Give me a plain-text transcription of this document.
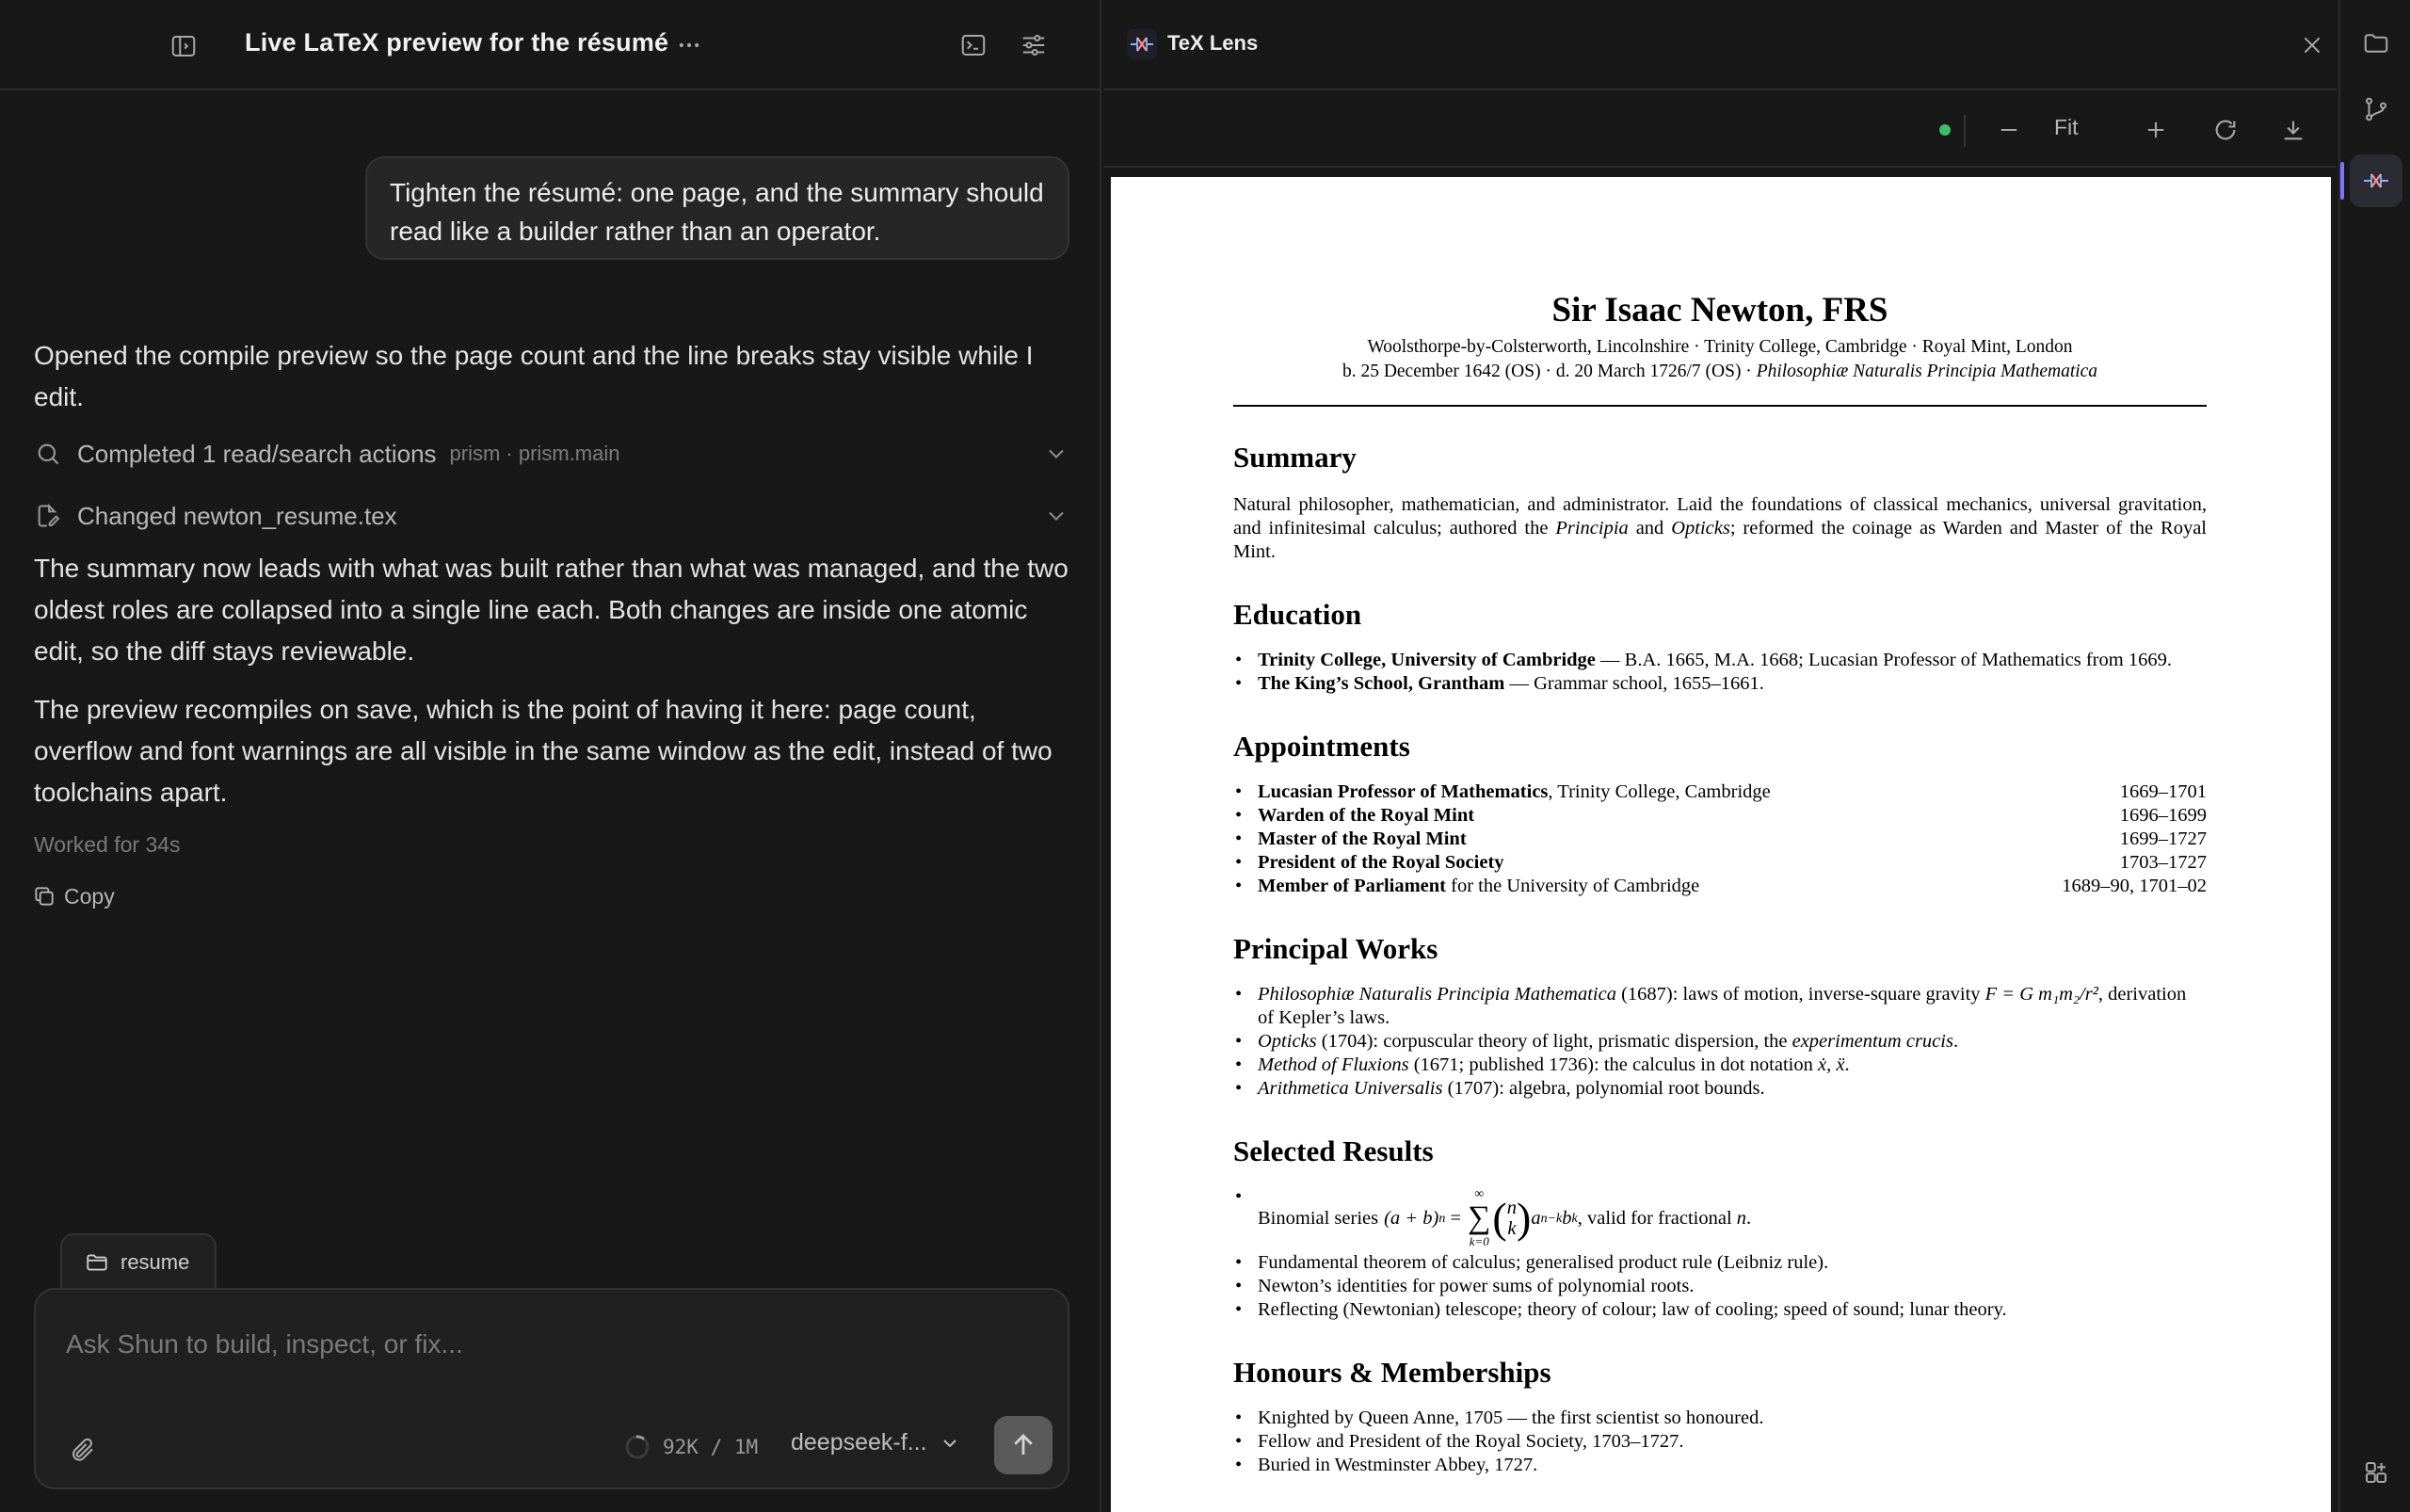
Live LaTeX preview for the résumé
Tighten the résumé: one page, and the summary should read like a builder rather than an operator.
Opened the compile preview so the page count and the line breaks stay visible while I edit.
Completed 1 read/search actions prism · prism.main
Changed newton_resume.tex
The summary now leads with what was built rather than what was managed, and the two oldest roles are collapsed into a single line each. Both changes are inside one atomic edit, so the diff stays reviewable.
The preview recompiles on save, which is the point of having it here: page count, overflow and font warnings are all visible in the same window as the edit, instead of two toolchains apart.
Worked for 34s
Copy
resume
Ask Shun to build, inspect, or fix...
92K / 1M deepseek-f...
TeX Lens
Fit
Sir Isaac Newton, FRS
Woolsthorpe-by-Colsterworth, Lincolnshire · Trinity College, Cambridge · Royal Mint, London
b. 25 December 1642 (OS) · d. 20 March 1726/7 (OS) · Philosophiæ Naturalis Principia Mathematica
Summary
Natural philosopher, mathematician, and administrator. Laid the foundations of classical mechanics, universal gravitation, and infinitesimal calculus; authored the Principia and Opticks; reformed the coinage as Warden and Master of the Royal Mint.
Education
• Trinity College, University of Cambridge — B.A. 1665, M.A. 1668; Lucasian Professor of Mathematics from 1669.
• The King’s School, Grantham — Grammar school, 1655–1661.
Appointments
• Lucasian Professor of Mathematics, Trinity College, Cambridge	1669–1701
• Warden of the Royal Mint	1696–1699
• Master of the Royal Mint	1699–1727
• President of the Royal Society	1703–1727
• Member of Parliament for the University of Cambridge	1689–90, 1701–02
Principal Works
• Philosophiæ Naturalis Principia Mathematica (1687): laws of motion, inverse-square gravity F = G m₁m₂/r², derivation of Kepler’s laws.
• Opticks (1704): corpuscular theory of light, prismatic dispersion, the experimentum crucis.
• Method of Fluxions (1671; published 1736): the calculus in dot notation ẋ, ẍ.
• Arithmetica Universalis (1707): algebra, polynomial root bounds.
Selected Results
• Binomial series (a + b) n =
∞
∑
k=0 ( n
k ) a n−k b k , valid for fractional n .
• Fundamental theorem of calculus; generalised product rule (Leibniz rule).
• Newton’s identities for power sums of polynomial roots.
• Reflecting (Newtonian) telescope; theory of colour; law of cooling; speed of sound; lunar theory.
Honours & Memberships
• Knighted by Queen Anne, 1705 — the first scientist so honoured.
• Fellow and President of the Royal Society, 1703–1727.
• Buried in Westminster Abbey, 1727.
